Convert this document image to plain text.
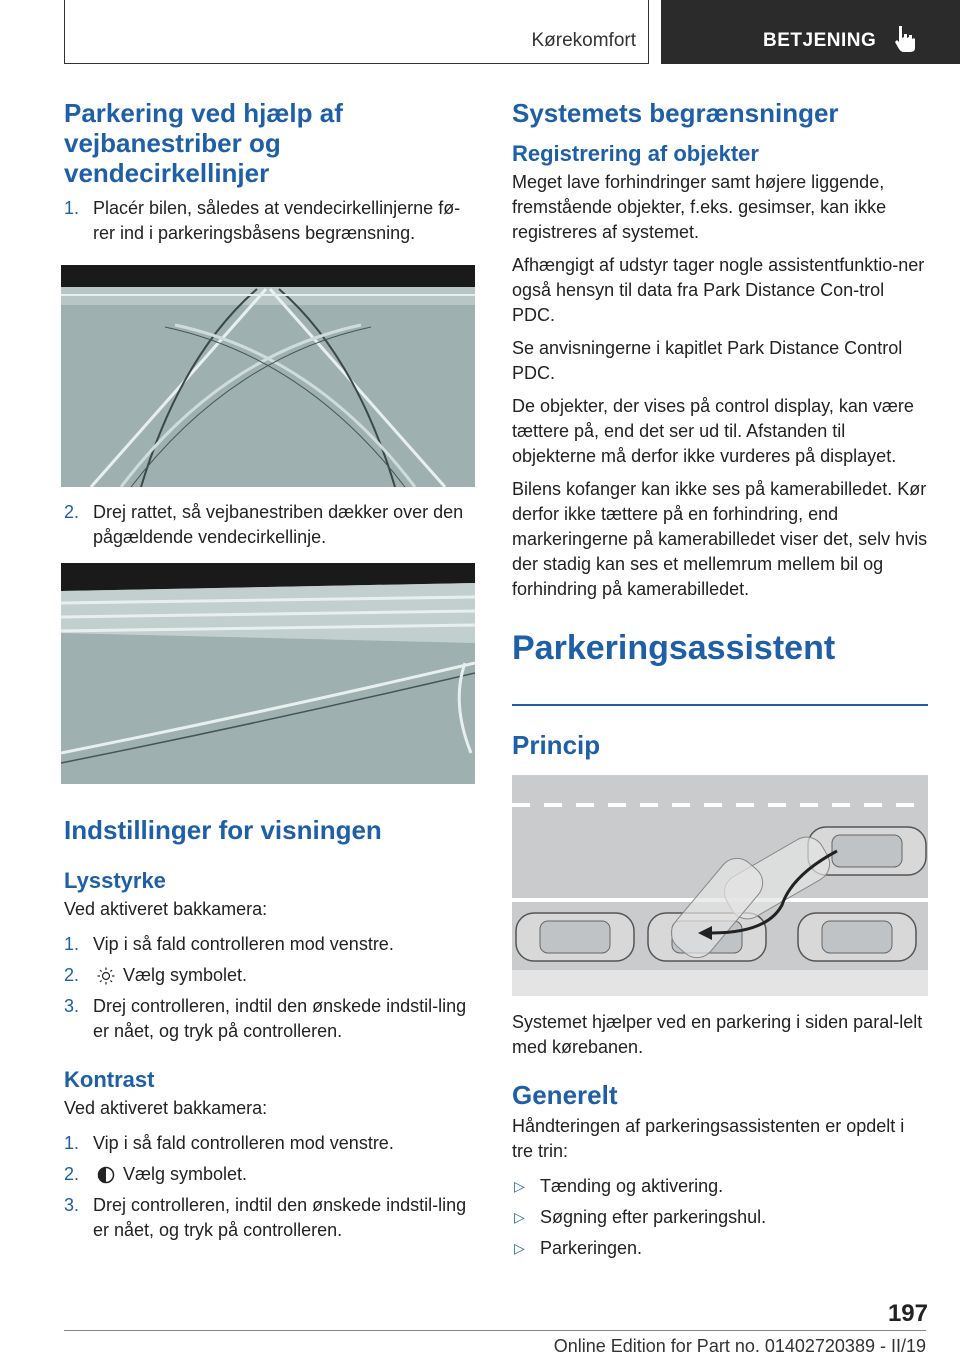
Kørekomfort	BETJENING
Parkering ved hjælp af vejbanestriber og vendecirkellinjer
1. Placér bilen, således at vendecirkellinjerne fø‐rer ind i parkeringsbåsens begrænsning.
2. Drej rattet, så vejbanestriben dækker over den pågældende vendecirkellinje.
Indstillinger for visningen
Lysstyrke

Ved aktiveret bakkamera:

1. Vip i så fald controlleren mod venstre.
2. Vælg symbolet.
3. Drej controlleren, indtil den ønskede indstil‐ling er nået, og tryk på controlleren.
Kontrast

Ved aktiveret bakkamera:

1. Vip i så fald controlleren mod venstre.
2. Vælg symbolet.
3. Drej controlleren, indtil den ønskede indstil‐ling er nået, og tryk på controlleren.
Systemets begrænsninger
Registrering af objekter

Meget lave forhindringer samt højere liggende, fremstående objekter, f.eks. gesimser, kan ikke registreres af systemet.

Afhængigt af udstyr tager nogle assistentfunktio‐ner også hensyn til data fra Park Distance Con‐trol PDC.

Se anvisningerne i kapitlet Park Distance Control PDC.

De objekter, der vises på control display, kan være tættere på, end det ser ud til. Afstanden til objekterne må derfor ikke vurderes på displayet.

Bilens kofanger kan ikke ses på kamerabilledet. Kør derfor ikke tættere på en forhindring, end markeringerne på kamerabilledet viser det, selv hvis der stadig kan ses et mellemrum mellem bil og forhindring på kamerabilledet.

Parkeringsassistent
Princip

Systemet hjælper ved en parkering i siden paral‐lelt med kørebanen.

Generelt

Håndteringen af parkeringsassistenten er opdelt i tre trin:

▷ Tænding og aktivering.
▷ Søgning efter parkeringshul.
▷ Parkeringen.
197
Online Edition for Part no. 01402720389 - II/19
